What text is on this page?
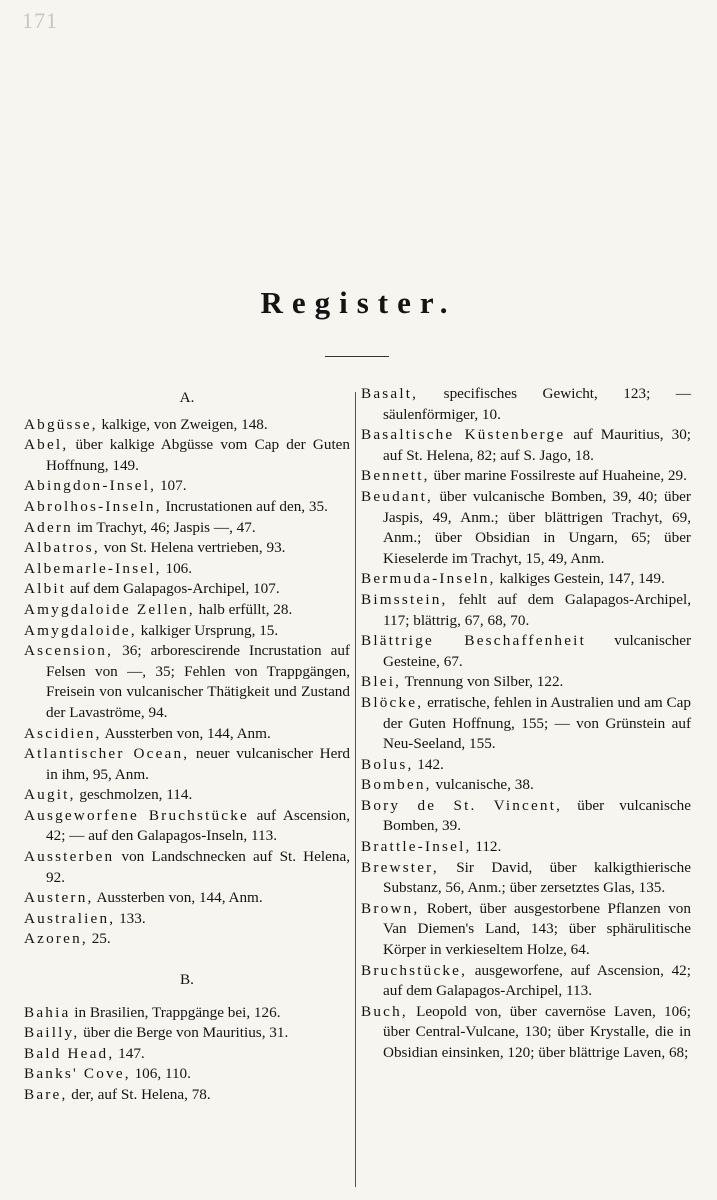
171
Register.
A.
Abgüsse, kalkige, von Zweigen, 148.
Abel, über kalkige Abgüsse vom Cap der Guten Hoffnung, 149.
Abingdon-Insel, 107.
Abrolhos-Inseln, Incrustationen auf den, 35.
Adern im Trachyt, 46; Jaspis —, 47.
Albatros, von St. Helena vertrieben, 93.
Albemarle-Insel, 106.
Albit auf dem Galapagos-Archipel, 107.
Amygdaloide Zellen, halb erfüllt, 28.
Amygdaloide, kalkiger Ursprung, 15.
Ascension, 36; arborescirende Incrustation auf Felsen von —, 35; Fehlen von Trappgängen, Freisein von vulcanischer Thätigkeit und Zustand der Lavaströme, 94.
Ascidien, Aussterben von, 144, Anm.
Atlantischer Ocean, neuer vulcanischer Herd in ihm, 95, Anm.
Augit, geschmolzen, 114.
Ausgeworfene Bruchstücke auf Ascension, 42; — auf den Galapagos-Inseln, 113.
Aussterben von Landschnecken auf St. Helena, 92.
Austern, Aussterben von, 144, Anm.
Australien, 133.
Azoren, 25.
B.
Bahia in Brasilien, Trappgänge bei, 126.
Bailly, über die Berge von Mauritius, 31.
Bald Head, 147.
Banks' Cove, 106, 110.
Bare, der, auf St. Helena, 78.
Basalt, specifisches Gewicht, 123; — säulenförmiger, 10.
Basaltische Küstenberge auf Mauritius, 30; auf St. Helena, 82; auf S. Jago, 18.
Bennett, über marine Fossilreste auf Huaheine, 29.
Beudant, über vulcanische Bomben, 39, 40; über Jaspis, 49, Anm.; über blättrigen Trachyt, 69, Anm.; über Obsidian in Ungarn, 65; über Kieselerde im Trachyt, 15, 49, Anm.
Bermuda-Inseln, kalkiges Gestein, 147, 149.
Bimsstein, fehlt auf dem Galapagos-Archipel, 117; blättrig, 67, 68, 70.
Blättrige Beschaffenheit vulcanischer Gesteine, 67.
Blei, Trennung von Silber, 122.
Blöcke, erratische, fehlen in Australien und am Cap der Guten Hoffnung, 155; — von Grünstein auf Neu-Seeland, 155.
Bolus, 142.
Bomben, vulcanische, 38.
Bory de St. Vincent, über vulcanische Bomben, 39.
Brattle-Insel, 112.
Brewster, Sir David, über kalkigthierische Substanz, 56, Anm.; über zersetztes Glas, 135.
Brown, Robert, über ausgestorbene Pflanzen von Van Diemen's Land, 143; über sphärulitische Körper in verkieseltem Holze, 64.
Bruchstücke, ausgeworfene, auf Ascension, 42; auf dem Galapagos-Archipel, 113.
Buch, Leopold von, über cavernöse Laven, 106; über Central-Vulcane, 130; über Krystalle, die in Obsidian einsinken, 120; über blättrige Laven, 68;
